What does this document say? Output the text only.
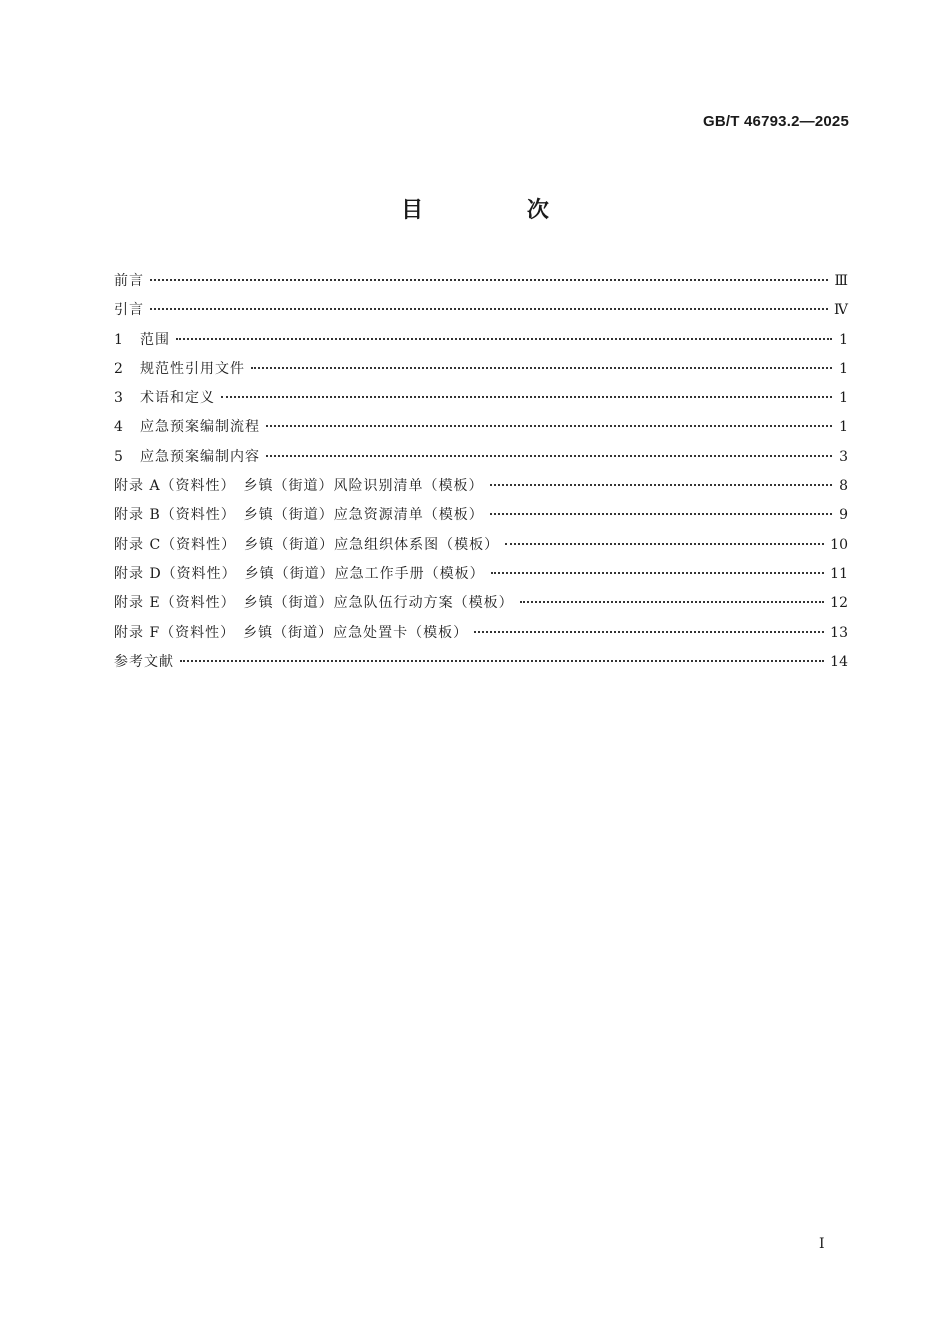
GB/T 46793.2—2025
目 次
前言	Ⅲ
引言	Ⅳ
1	范围	1
2	规范性引用文件	1
3	术语和定义	1
4	应急预案编制流程	1
5	应急预案编制内容	3
附录 A（资料性）　乡镇（街道）风险识别清单（模板）	8
附录 B（资料性）　乡镇（街道）应急资源清单（模板）	9
附录 C（资料性）　乡镇（街道）应急组织体系图（模板）	10
附录 D（资料性）　乡镇（街道）应急工作手册（模板）	11
附录 E（资料性）　乡镇（街道）应急队伍行动方案（模板）	12
附录 F（资料性）　乡镇（街道）应急处置卡（模板）	13
参考文献	14
Ⅰ
